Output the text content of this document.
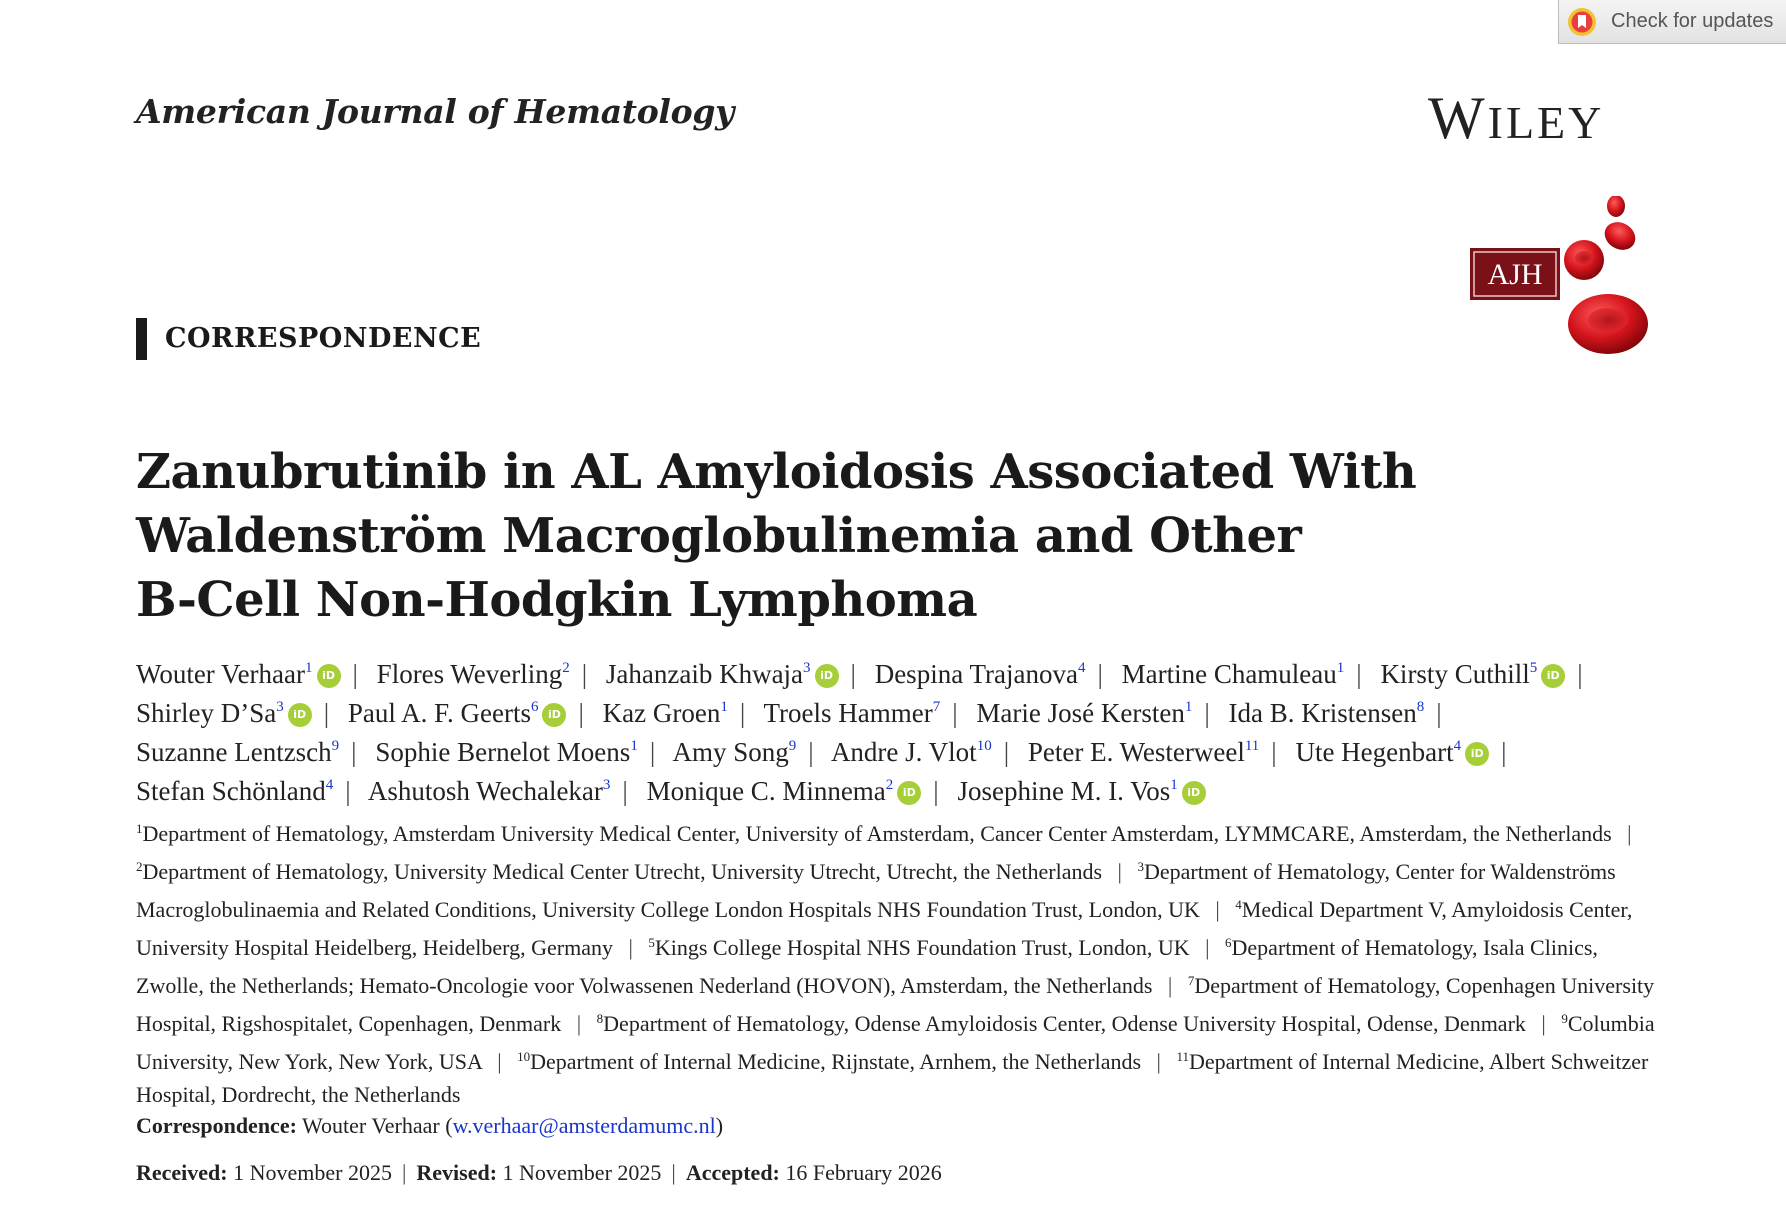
Check for updates
American Journal of Hematology	WILEY
AJH
CORRESPONDENCE
Zanubrutinib in AL Amyloidosis Associated With
Waldenström Macroglobulinemia and Other
B-Cell Non-Hodgkin Lymphoma
Wouter Verhaar$^1$ iD | Flores Weverling$^2$ | Jahanzaib Khwaja$^3$ iD | Despina Trajanova$^4$ | Martine Chamuleau$^1$ | Kirsty Cuthill$^5$ iD | Shirley D’Sa$^3$ iD | Paul A. F. Geerts$^6$ iD | Kaz Groen$^1$ | Troels Hammer$^7$ | Marie José Kersten$^1$ | Ida B. Kristensen$^8$ | Suzanne Lentzsch$^9$ | Sophie Bernelot Moens$^1$ | Amy Song$^9$ | Andre J. Vlot$^{10}$ | Peter E. Westerweel$^{11}$ | Ute Hegenbart$^4$ iD | Stefan Schönland$^4$ | Ashutosh Wechalekar$^3$ | Monique C. Minnema$^2$ iD | Josephine M. I. Vos$^1$ iD
$^1$Department of Hematology, Amsterdam University Medical Center, University of Amsterdam, Cancer Center Amsterdam, LYMMCARE, Amsterdam, the Netherlands | $^2$Department of Hematology, University Medical Center Utrecht, University Utrecht, Utrecht, the Netherlands | $^3$Department of Hematology, Center for Waldenströms Macroglobulinaemia and Related Conditions, University College London Hospitals NHS Foundation Trust, London, UK | $^4$Medical Department V, Amyloidosis Center, University Hospital Heidelberg, Heidelberg, Germany | $^5$Kings College Hospital NHS Foundation Trust, London, UK | $^6$Department of Hematology, Isala Clinics, Zwolle, the Netherlands; Hemato-Oncologie voor Volwassenen Nederland (HOVON), Amsterdam, the Netherlands | $^7$Department of Hematology, Copenhagen University Hospital, Rigshospitalet, Copenhagen, Denmark | $^8$Department of Hematology, Odense Amyloidosis Center, Odense University Hospital, Odense, Denmark | $^9$Columbia University, New York, New York, USA | $^{10}$Department of Internal Medicine, Rijnstate, Arnhem, the Netherlands | $^{11}$Department of Internal Medicine, Albert Schweitzer Hospital, Dordrecht, the Netherlands
Correspondence: Wouter Verhaar (w.verhaar@amsterdamumc.nl)
Received: 1 November 2025 | Revised: 1 November 2025 | Accepted: 16 February 2026
